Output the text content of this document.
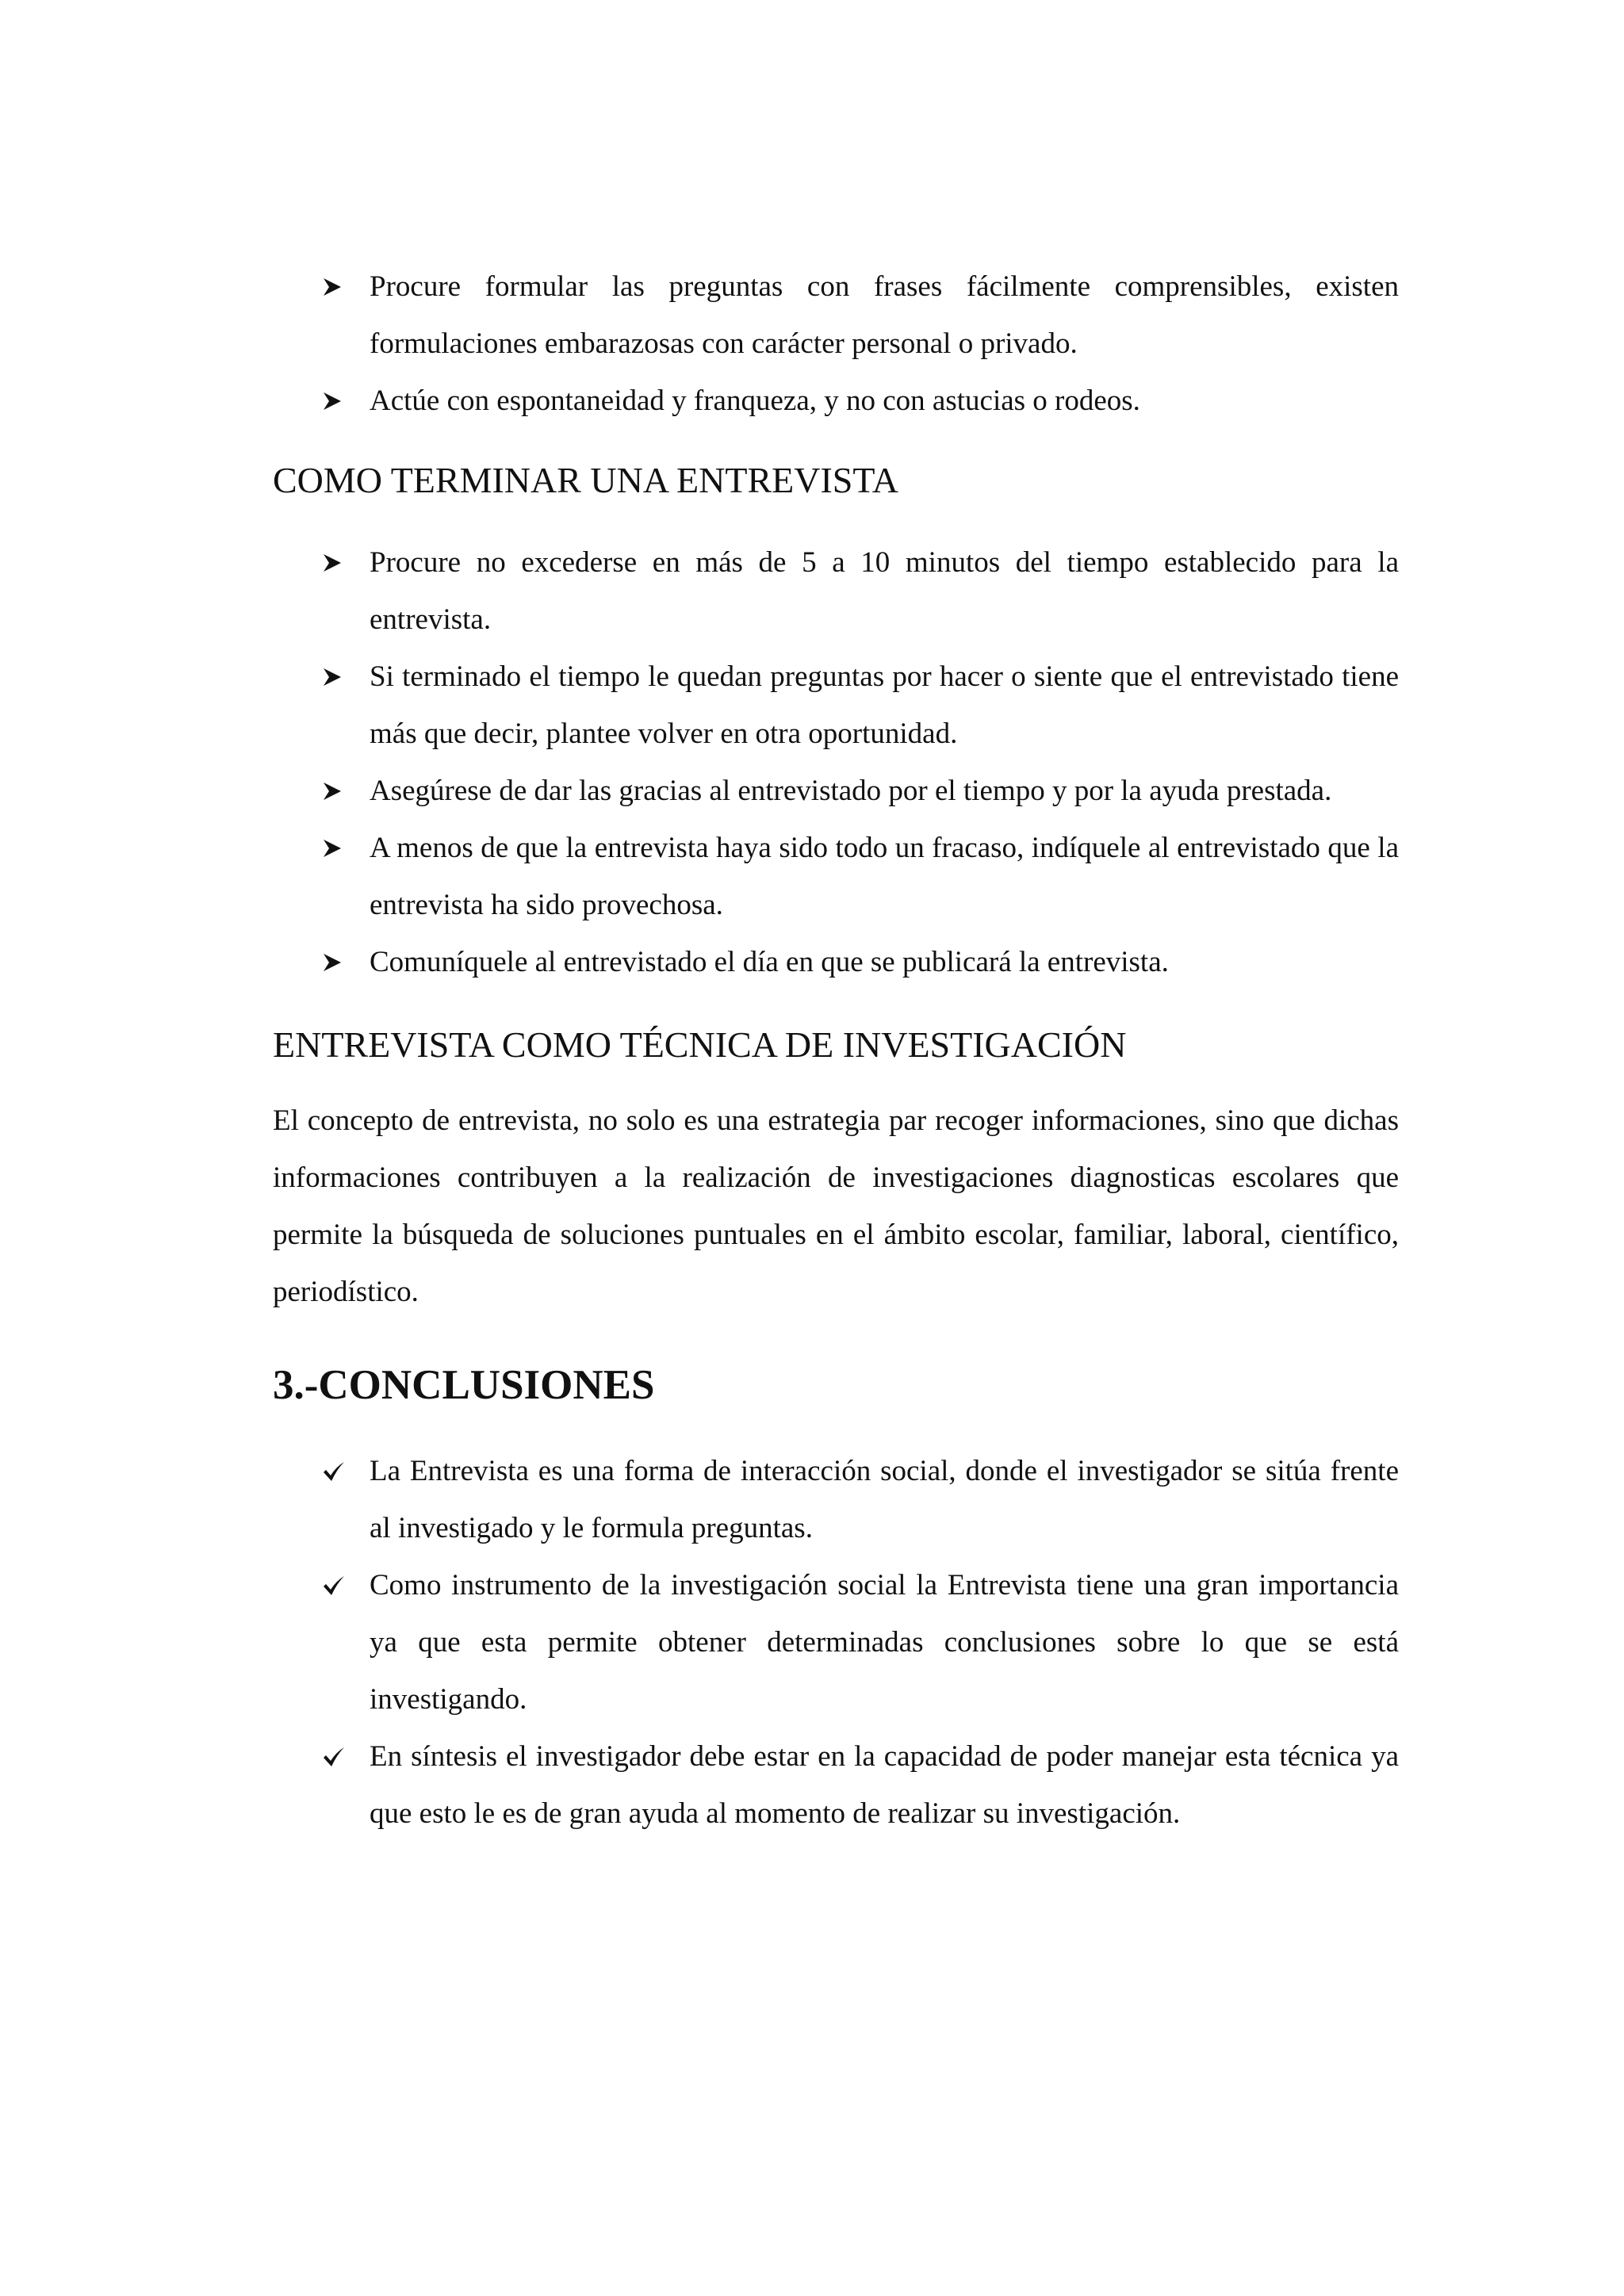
Procure formular las preguntas con frases fácilmente comprensibles, existen formulaciones embarazosas con carácter personal o privado.
Actúe con espontaneidad y franqueza, y no con astucias o rodeos.
COMO TERMINAR UNA ENTREVISTA
Procure no excederse en más de 5 a 10 minutos del tiempo establecido para la entrevista.
Si terminado el tiempo le quedan preguntas por hacer o siente que el entrevistado tiene más que decir, plantee volver en otra oportunidad.
Asegúrese de dar las gracias al entrevistado por el tiempo y por la ayuda prestada.
A menos de que la entrevista haya sido todo un fracaso, indíquele al entrevistado que la entrevista ha sido provechosa.
Comuníquele al entrevistado el día en que se publicará la entrevista.
ENTREVISTA COMO TÉCNICA DE INVESTIGACIÓN

El concepto de entrevista, no solo es una estrategia par recoger informaciones, sino que dichas informaciones contribuyen a la realización de investigaciones diagnosticas escolares que permite la búsqueda de soluciones puntuales en el ámbito escolar, familiar, laboral, científico, periodístico.

3.-CONCLUSIONES
La Entrevista es una forma de interacción social, donde el investigador se sitúa frente al investigado y le formula preguntas.
Como instrumento de la investigación social la Entrevista tiene una gran importancia ya que esta permite obtener determinadas conclusiones sobre lo que se está investigando.
En síntesis el investigador debe estar en la capacidad de poder manejar esta técnica ya que esto le es de gran ayuda al momento de realizar su investigación.
